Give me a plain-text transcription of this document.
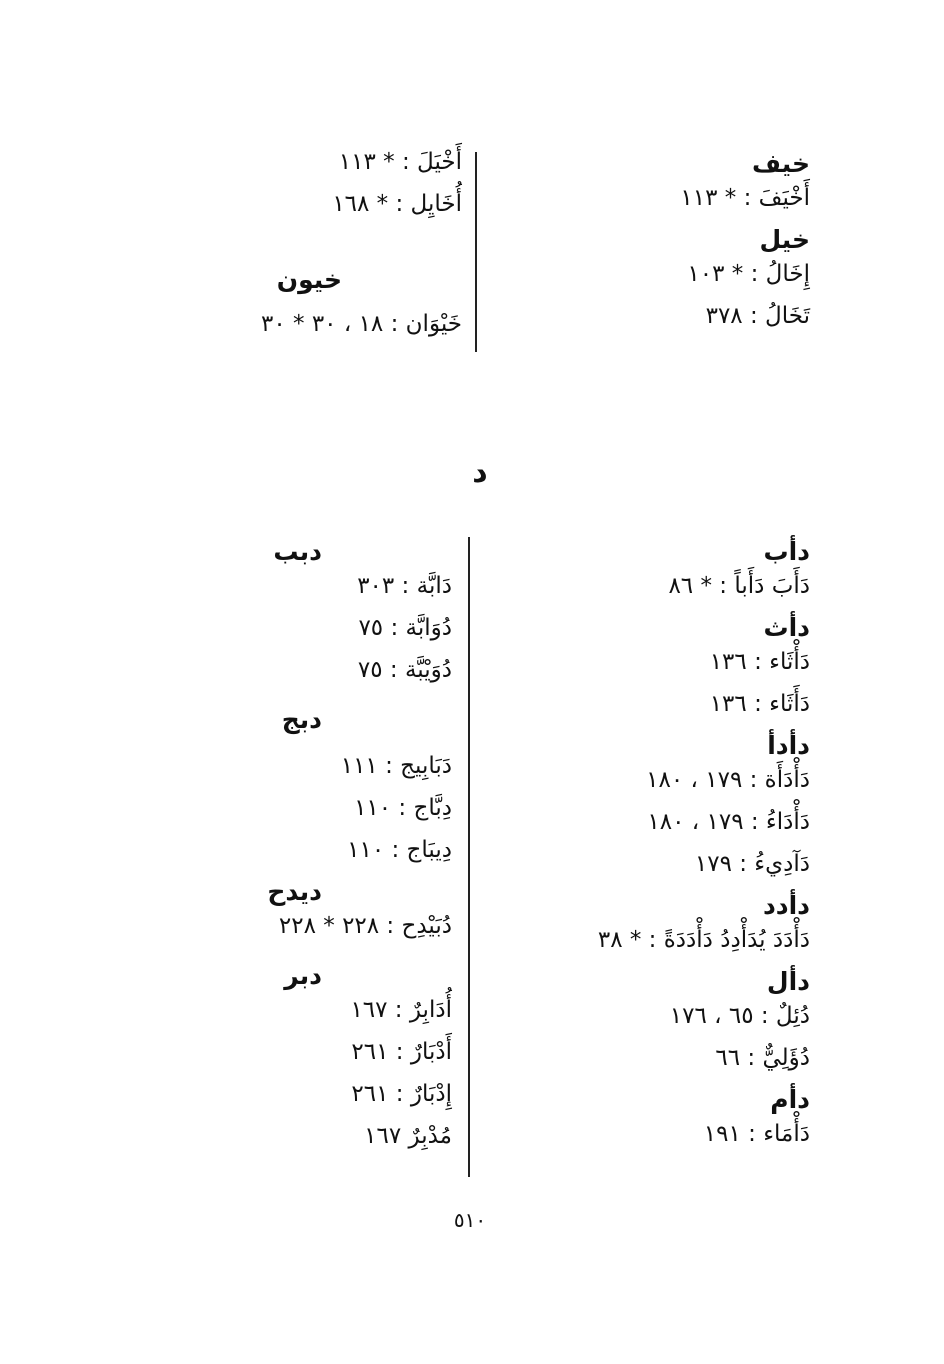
خيف
أَخْيَفَ : * ١١٣
خيل
إِخَالُ : * ١٠٣
تَخَالُ : ٣٧٨
أَخْيَلَ : * ١١٣
أُخَايِل : * ١٦٨
خيون
خَيْوَان : ١٨ ، ٣٠ * ٣٠
د
دأب
دَأَبَ دَأَباً : * ٨٦
دأث
دَأْثَاء : ١٣٦
دَأَثَاء : ١٣٦
دأدأ
دَأْدَأَة : ١٧٩ ، ١٨٠
دَأْدَاءُ : ١٧٩ ، ١٨٠
دَآدِيءُ : ١٧٩
دأدد
دَأْدَدَ يُدَأْدِدُ دَأْدَدَةً : * ٣٨
دأل
دُئِلٌ : ٦٥ ، ١٧٦
دُؤَلِيٌّ : ٦٦
دأم
دَأْمَاء : ١٩١
دبب
دَابَّة : ٣٠٣
دُوَابَّة : ٧٥
دُوَيْبَّة : ٧٥
دبج
دَبَابِيج : ١١١
دِبَّاج : ١١٠
دِيبَاج : ١١٠
ديدح
دُبَيْدِح : ٢٢٨ * ٢٢٨
دبر
أُدَابِرٌ : ١٦٧
أَدْبَارٌ : ٢٦١
إِدْبَارٌ : ٢٦١
مُدْبِرٌ ١٦٧
٥١٠
